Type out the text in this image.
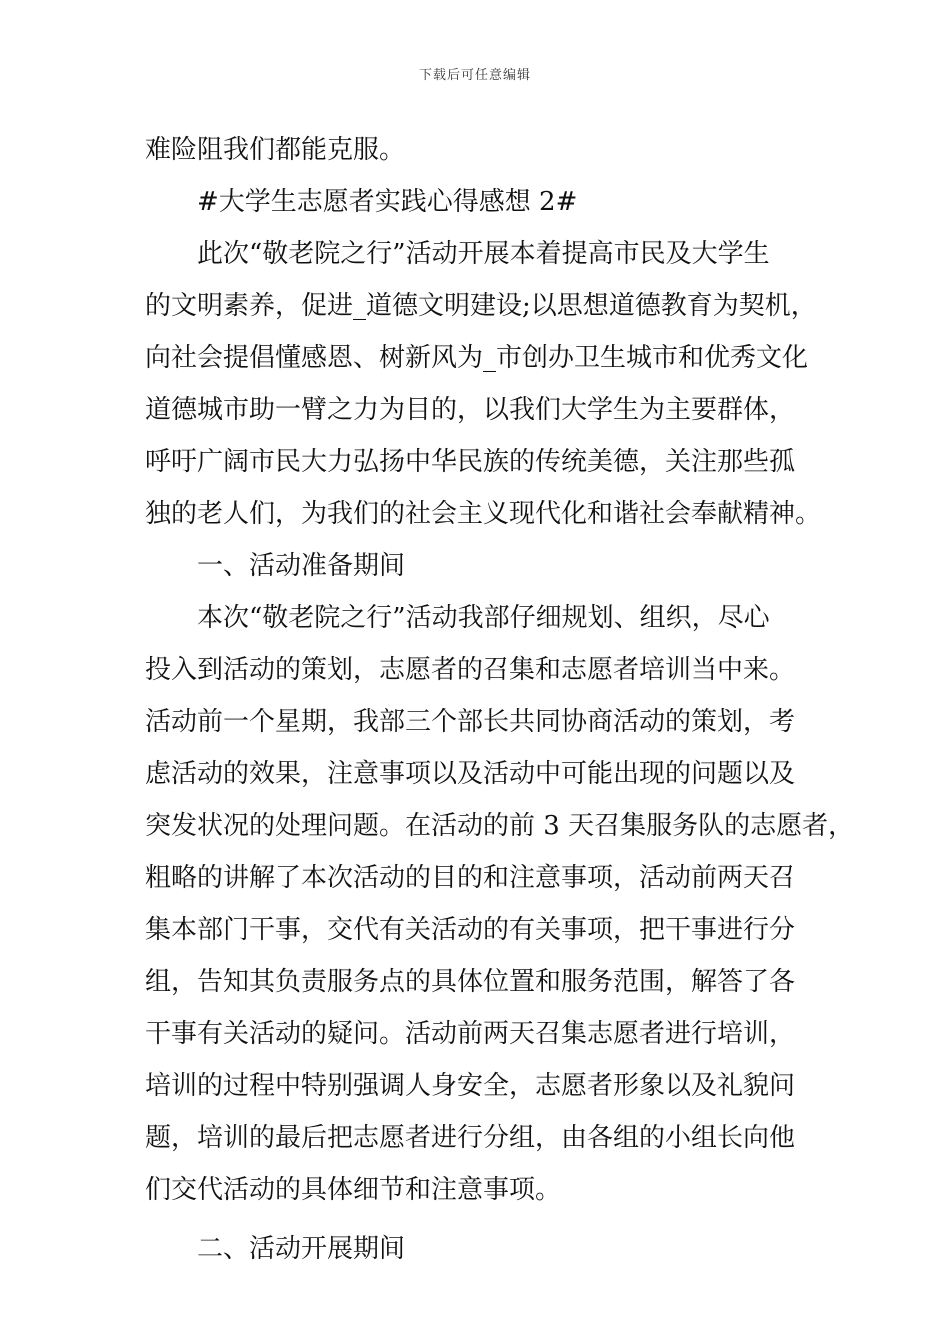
下载后可任意编辑
难险阻我们都能克服。
#大学生志愿者实践心得感想 2#
此次“敬老院之行”活动开展本着提高市民及大学生
的文明素养，促进_道德文明建设;以思想道德教育为契机，
向社会提倡懂感恩、树新风为_市创办卫生城市和优秀文化
道德城市助一臂之力为目的，以我们大学生为主要群体，
呼吁广阔市民大力弘扬中华民族的传统美德，关注那些孤
独的老人们，为我们的社会主义现代化和谐社会奉献精神。
一、活动准备期间
本次“敬老院之行”活动我部仔细规划、组织，尽心
投入到活动的策划，志愿者的召集和志愿者培训当中来。
活动前一个星期，我部三个部长共同协商活动的策划，考
虑活动的效果，注意事项以及活动中可能出现的问题以及
突发状况的处理问题。在活动的前 3 天召集服务队的志愿者，
粗略的讲解了本次活动的目的和注意事项，活动前两天召
集本部门干事，交代有关活动的有关事项，把干事进行分
组，告知其负责服务点的具体位置和服务范围，解答了各
干事有关活动的疑问。活动前两天召集志愿者进行培训，
培训的过程中特别强调人身安全，志愿者形象以及礼貌问
题，培训的最后把志愿者进行分组，由各组的小组长向他
们交代活动的具体细节和注意事项。
二、活动开展期间
